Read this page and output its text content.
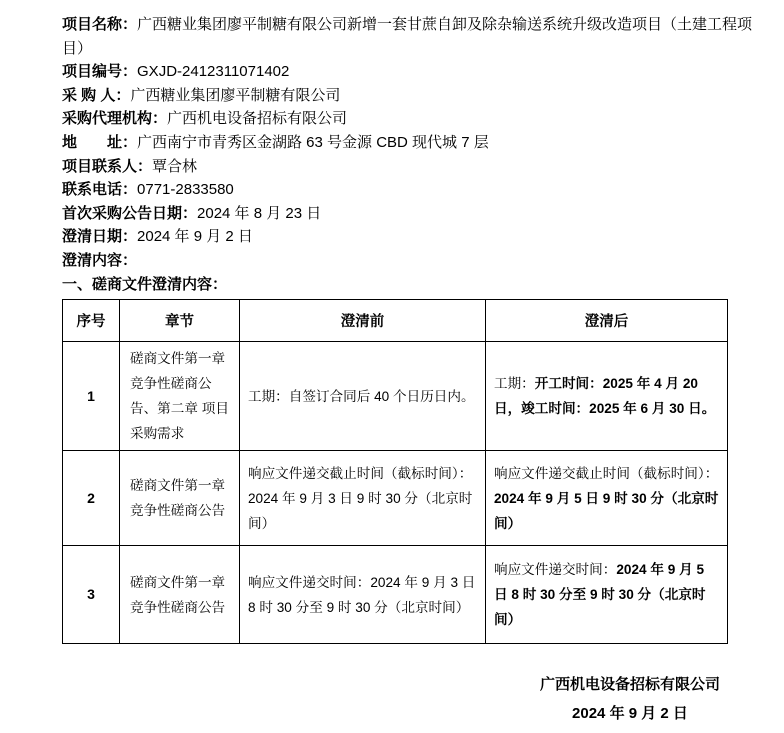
项目名称：广西糖业集团廖平制糖有限公司新增一套甘蔗自卸及除杂输送系统升级改造项目（土建工程项目）

项目编号：GXJD-2412311071402

采 购 人：广西糖业集团廖平制糖有限公司

采购代理机构：广西机电设备招标有限公司

地　　址：广西南宁市青秀区金湖路 63 号金源 CBD 现代城 7 层

项目联系人：覃合林

联系电话：0771-2833580

首次采购公告日期：2024 年 8 月 23 日

澄清日期：2024 年 9 月 2 日

澄清内容：

一、磋商文件澄清内容：

序号	章节	澄清前	澄清后
1	磋商文件第一章竞争性磋商公告、第二章 项目采购需求	工期：自签订合同后 40 个日历日内。	工期：开工时间：2025 年 4 月 20 日，竣工时间：2025 年 6 月 30 日。
2	磋商文件第一章竞争性磋商公告	响应文件递交截止时间（截标时间）：2024 年 9 月 3 日 9 时 30 分（北京时间）	响应文件递交截止时间（截标时间）：2024 年 9 月 5 日 9 时 30 分（北京时间）
3	磋商文件第一章竞争性磋商公告	响应文件递交时间：2024 年 9 月 3 日 8 时 30 分至 9 时 30 分（北京时间）	响应文件递交时间：2024 年 9 月 5 日 8 时 30 分至 9 时 30 分（北京时间）
广西机电设备招标有限公司
2024 年 9 月 2 日
